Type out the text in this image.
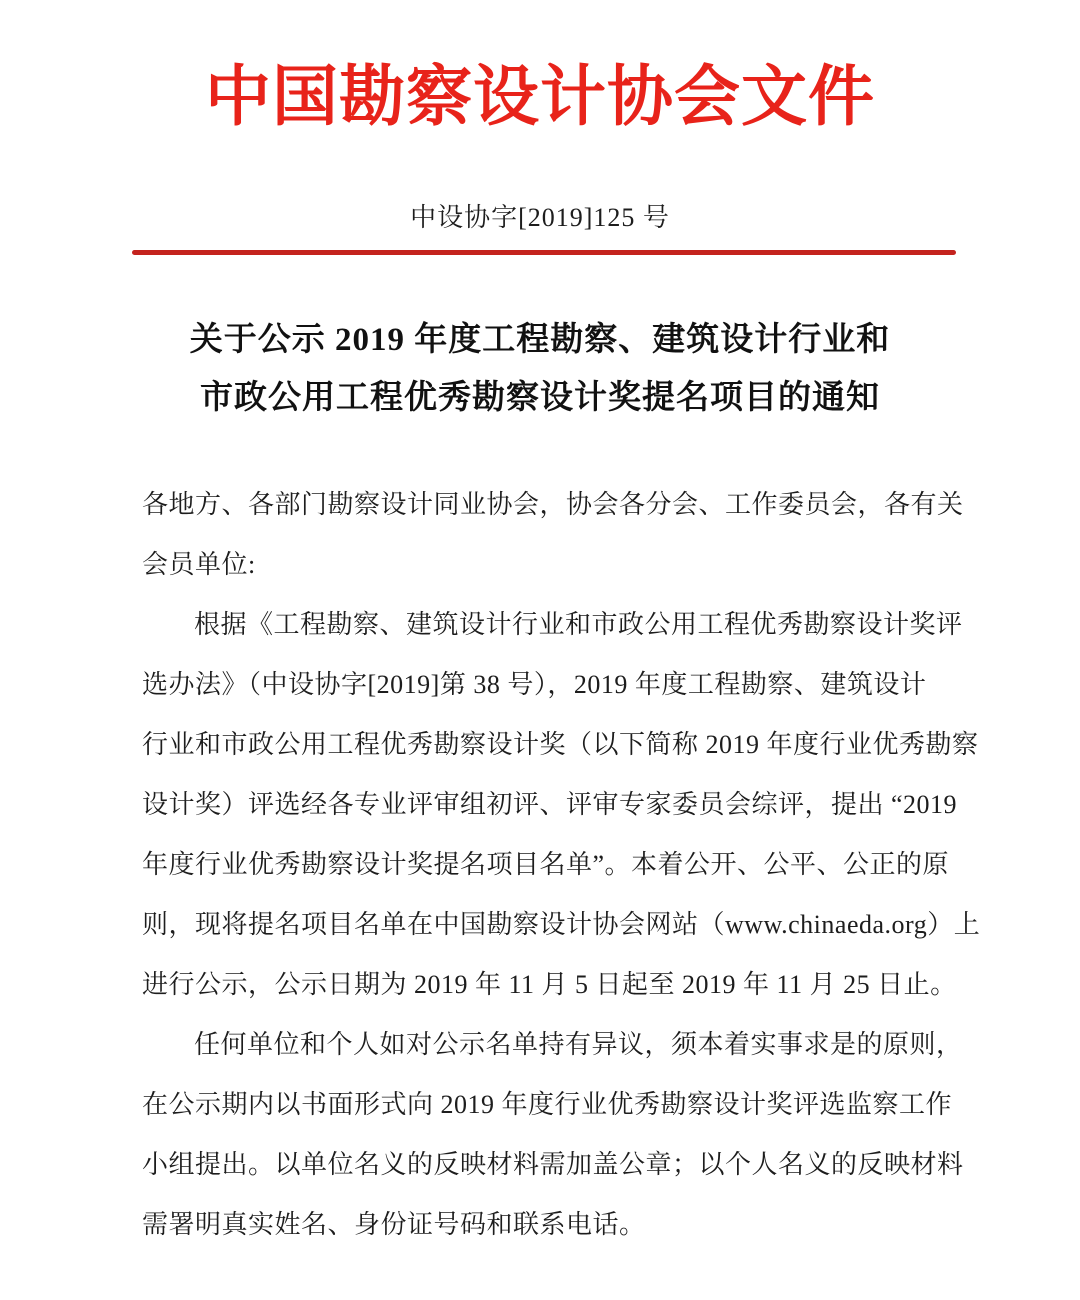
中国勘察设计协会文件
中设协字[2019]125 号
关于公示 2019 年度工程勘察、建筑设计行业和
市政公用工程优秀勘察设计奖提名项目的通知
各地方、各部门勘察设计同业协会，协会各分会、工作委员会，各有关
会员单位:
根据《工程勘察、建筑设计行业和市政公用工程优秀勘察设计奖评
选办法》（中设协字[2019]第 38 号），2019 年度工程勘察、建筑设计
行业和市政公用工程优秀勘察设计奖（以下简称 2019 年度行业优秀勘察
设计奖）评选经各专业评审组初评、评审专家委员会综评，提出 “2019
年度行业优秀勘察设计奖提名项目名单”。本着公开、公平、公正的原
则，现将提名项目名单在中国勘察设计协会网站（www.chinaeda.org）上
进行公示，公示日期为 2019 年 11 月 5 日起至 2019 年 11 月 25 日止。
任何单位和个人如对公示名单持有异议，须本着实事求是的原则，
在公示期内以书面形式向 2019 年度行业优秀勘察设计奖评选监察工作
小组提出。以单位名义的反映材料需加盖公章；以个人名义的反映材料
需署明真实姓名、身份证号码和联系电话。
